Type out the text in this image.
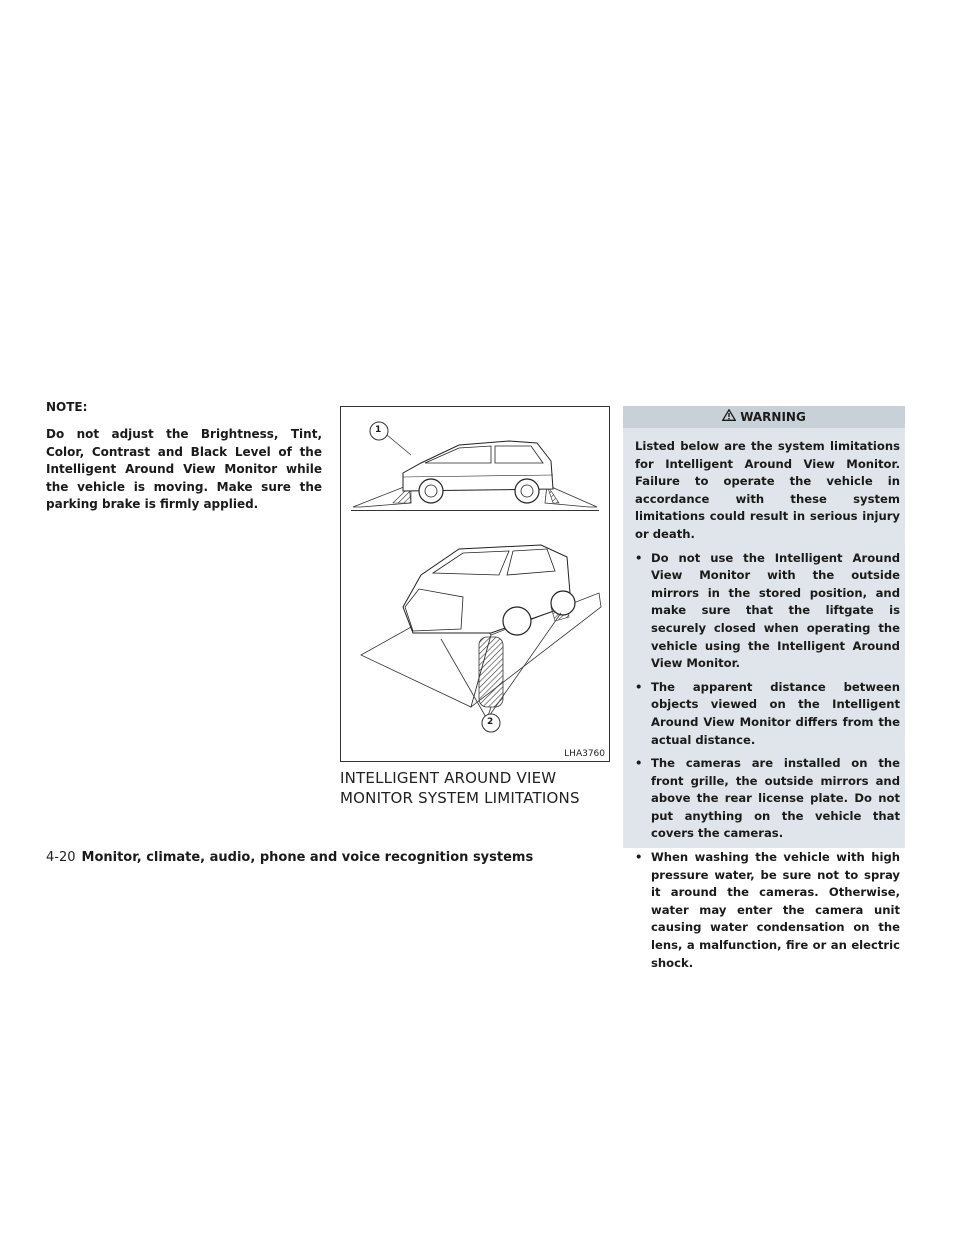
NOTE:

Do not adjust the Brightness, Tint, Color, Contrast and Black Level of the Intelligent Around View Monitor while the vehicle is moving. Make sure the parking brake is firmly applied.

1
2
LHA3760
INTELLIGENT AROUND VIEW MONITOR SYSTEM LIMITATIONS
WARNING

Listed below are the system limitations for Intelligent Around View Monitor. Failure to operate the vehicle in accordance with these system limitations could result in serious injury or death.

• Do not use the Intelligent Around View Monitor with the outside mirrors in the stored position, and make sure that the liftgate is securely closed when operating the vehicle using the Intelligent Around View Monitor.
• The apparent distance between objects viewed on the Intelligent Around View Monitor differs from the actual distance.
• The cameras are installed on the front grille, the outside mirrors and above the rear license plate. Do not put anything on the vehicle that covers the cameras.
• When washing the vehicle with high pressure water, be sure not to spray it around the cameras. Otherwise, water may enter the camera unit causing water condensation on the lens, a malfunction, fire or an electric shock.
4-20 Monitor, climate, audio, phone and voice recognition systems
